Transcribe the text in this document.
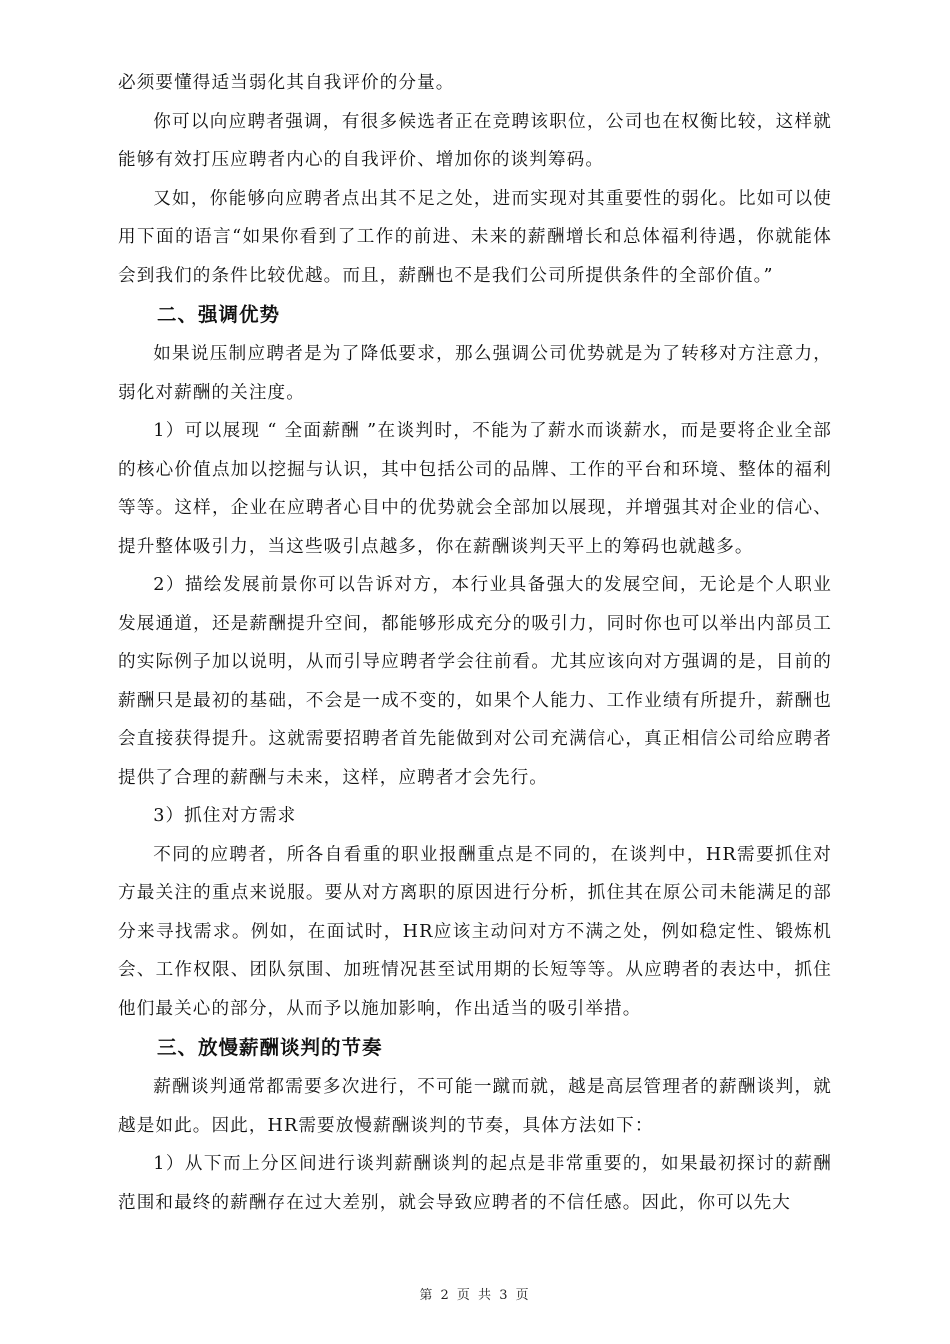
必须要懂得适当弱化其自我评价的分量。

你可以向应聘者强调，有很多候选者正在竞聘该职位，公司也在权衡比较，这样就能够有效打压应聘者内心的自我评价、增加你的谈判筹码。

又如，你能够向应聘者点出其不足之处，进而实现对其重要性的弱化。比如可以使用下面的语言“如果你看到了工作的前进、未来的薪酬增长和总体福利待遇，你就能体会到我们的条件比较优越。而且，薪酬也不是我们公司所提供条件的全部价值。”

二、强调优势

如果说压制应聘者是为了降低要求，那么强调公司优势就是为了转移对方注意力，弱化对薪酬的关注度。

1）可以展现 “ 全面薪酬 ”在谈判时，不能为了薪水而谈薪水，而是要将企业全部的核心价值点加以挖掘与认识，其中包括公司的品牌、工作的平台和环境、整体的福利等等。这样，企业在应聘者心目中的优势就会全部加以展现，并增强其对企业的信心、提升整体吸引力，当这些吸引点越多，你在薪酬谈判天平上的筹码也就越多。

2）描绘发展前景你可以告诉对方，本行业具备强大的发展空间，无论是个人职业发展通道，还是薪酬提升空间，都能够形成充分的吸引力，同时你也可以举出内部员工的实际例子加以说明，从而引导应聘者学会往前看。尤其应该向对方强调的是，目前的薪酬只是最初的基础，不会是一成不变的，如果个人能力、工作业绩有所提升，薪酬也会直接获得提升。这就需要招聘者首先能做到对公司充满信心，真正相信公司给应聘者提供了合理的薪酬与未来，这样，应聘者才会先行。

3）抓住对方需求

不同的应聘者，所各自看重的职业报酬重点是不同的，在谈判中，HR需要抓住对方最关注的重点来说服。要从对方离职的原因进行分析，抓住其在原公司未能满足的部分来寻找需求。例如，在面试时，HR应该主动问对方不满之处，例如稳定性、锻炼机会、工作权限、团队氛围、加班情况甚至试用期的长短等等。从应聘者的表达中，抓住他们最关心的部分，从而予以施加影响，作出适当的吸引举措。

三、放慢薪酬谈判的节奏

薪酬谈判通常都需要多次进行，不可能一蹴而就，越是高层管理者的薪酬谈判，就越是如此。因此，HR需要放慢薪酬谈判的节奏，具体方法如下：

1）从下而上分区间进行谈判薪酬谈判的起点是非常重要的，如果最初探讨的薪酬范围和最终的薪酬存在过大差别，就会导致应聘者的不信任感。因此，你可以先大

第 2 页 共 3 页
